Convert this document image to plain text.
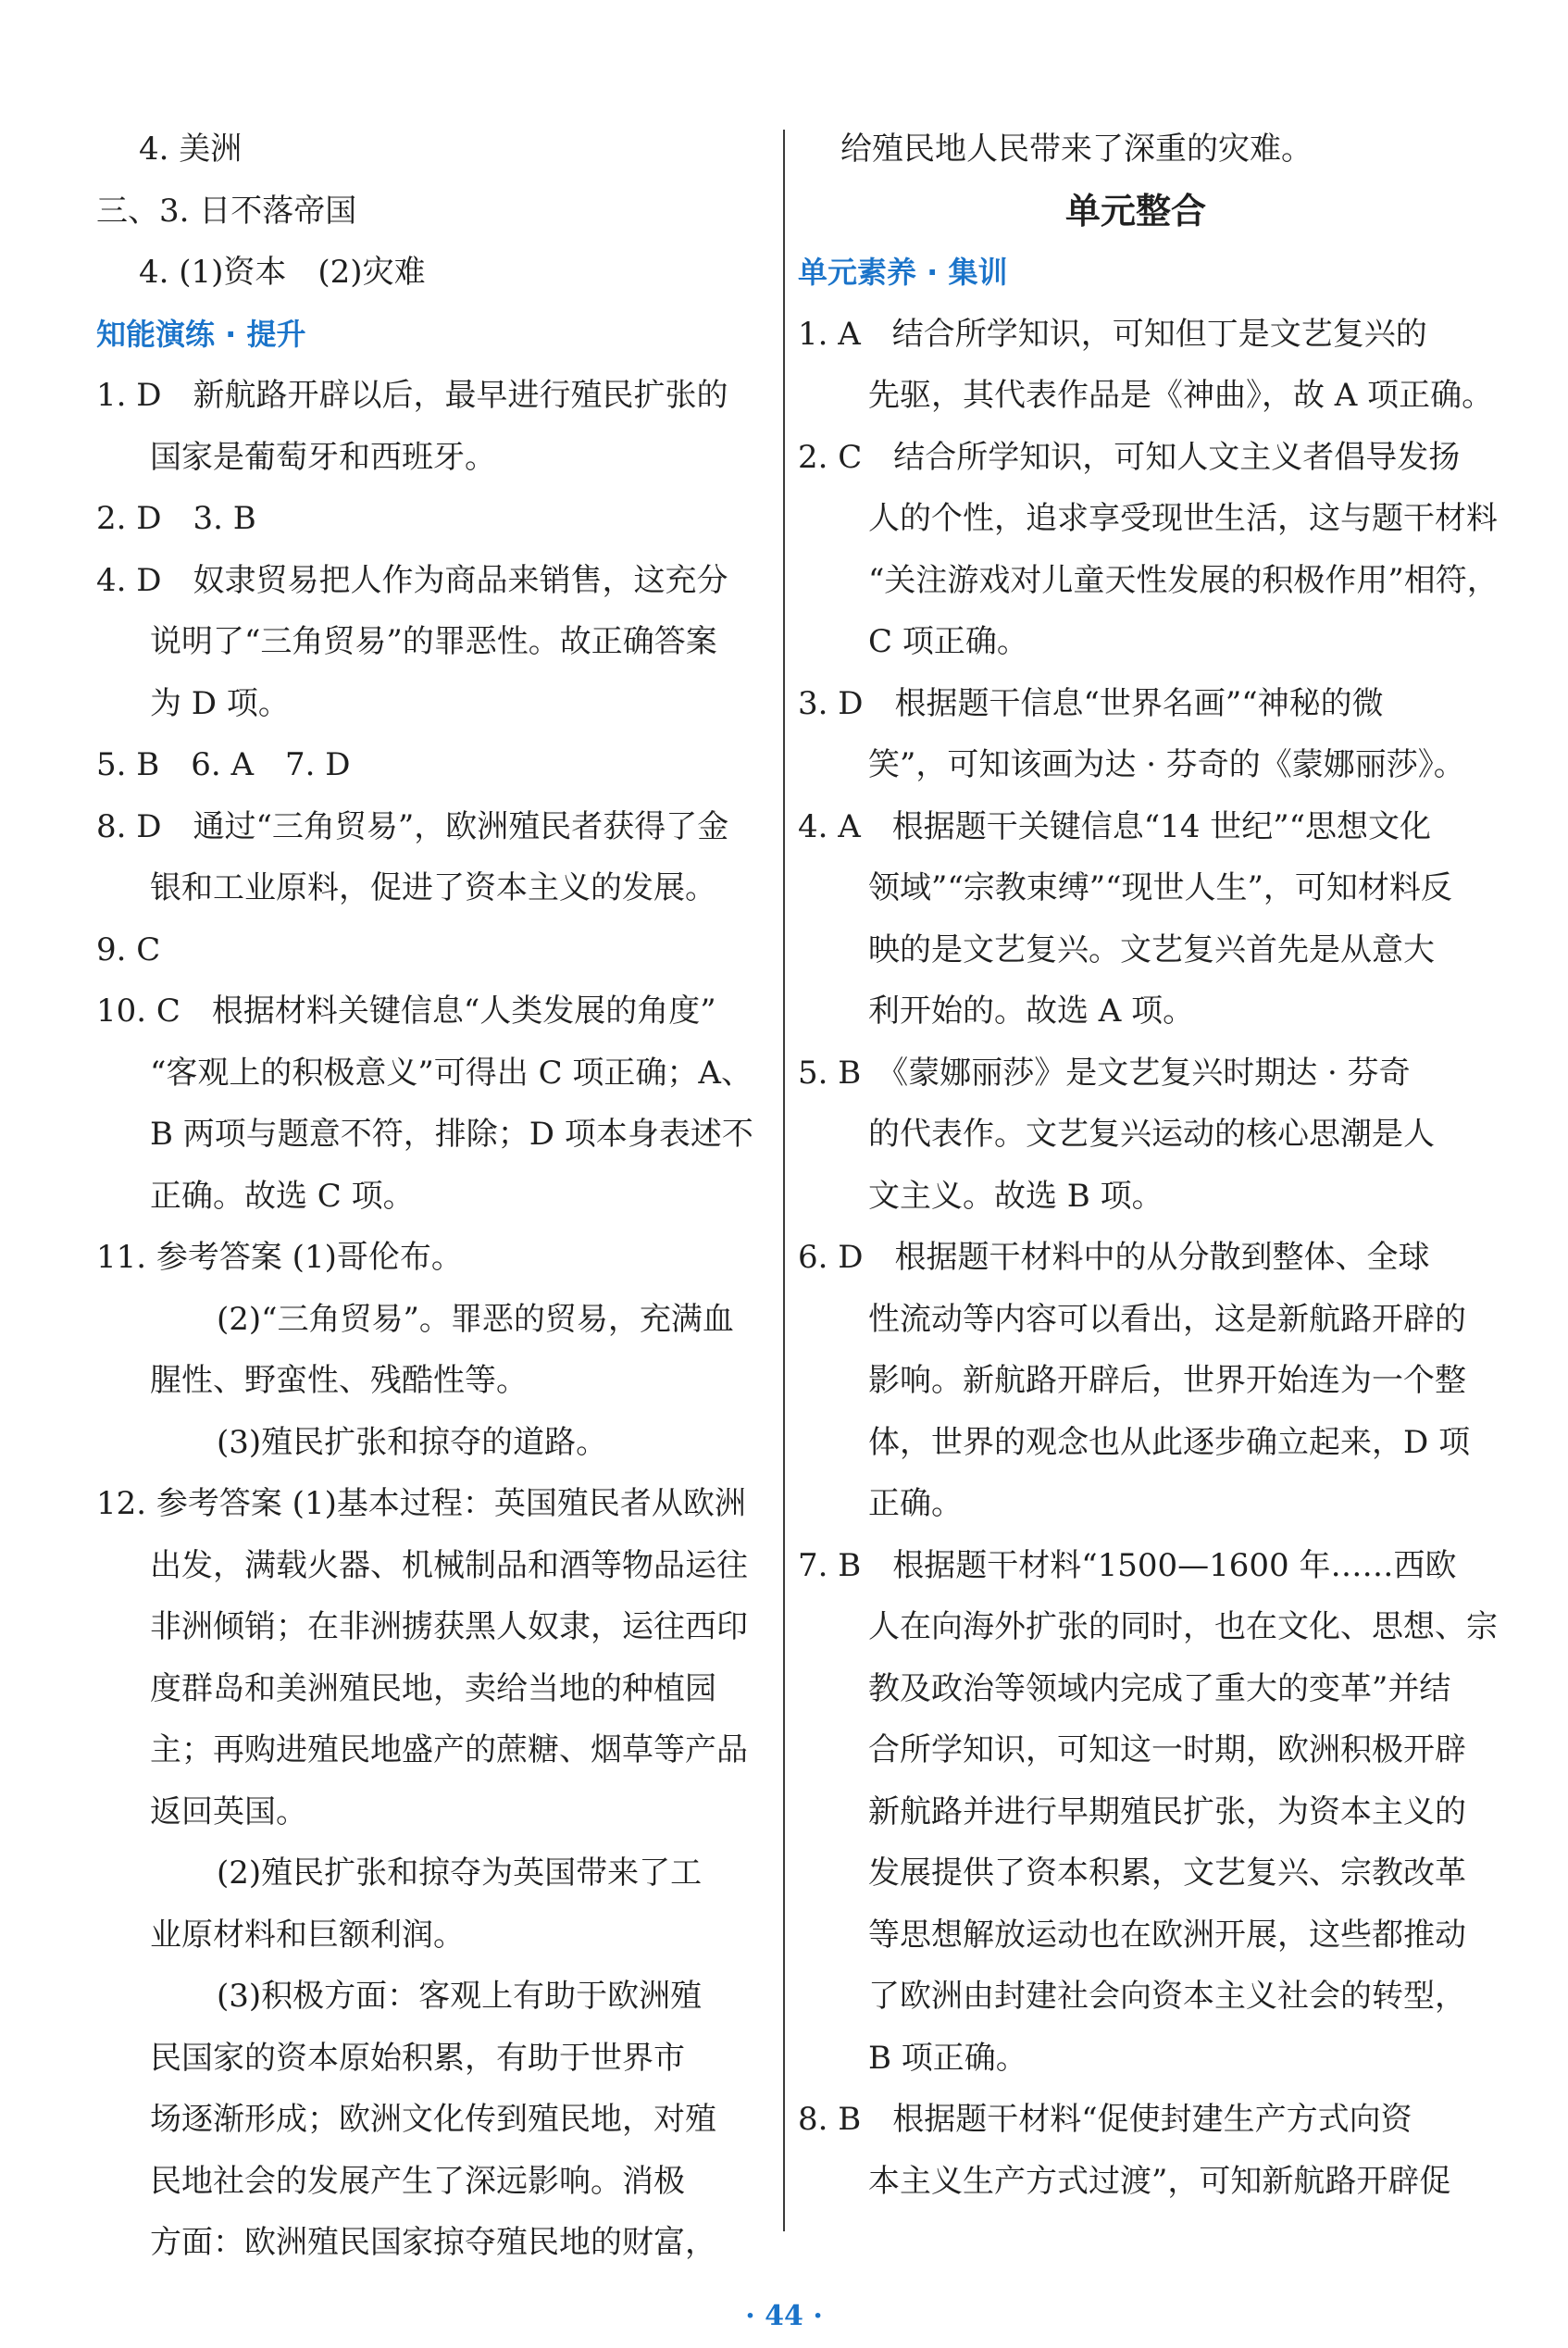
4. 美洲
三、3. 日不落帝国
4. (1)资本　(2)灾难
知能演练 · 提升
1. D　新航路开辟以后，最早进行殖民扩张的
国家是葡萄牙和西班牙。
2. D　3. B
4. D　奴隶贸易把人作为商品来销售，这充分
说明了“三角贸易”的罪恶性。故正确答案
为 D 项。
5. B　6. A　7. D
8. D　通过“三角贸易”，欧洲殖民者获得了金
银和工业原料，促进了资本主义的发展。
9. C
10. C　根据材料关键信息“人类发展的角度”
“客观上的积极意义”可得出 C 项正确；A、
B 两项与题意不符，排除；D 项本身表述不
正确。故选 C 项。
11. 参考答案 (1)哥伦布。
(2)“三角贸易”。罪恶的贸易，充满血
腥性、野蛮性、残酷性等。
(3)殖民扩张和掠夺的道路。
12. 参考答案 (1)基本过程：英国殖民者从欧洲
出发，满载火器、机械制品和酒等物品运往
非洲倾销；在非洲掳获黑人奴隶，运往西印
度群岛和美洲殖民地，卖给当地的种植园
主；再购进殖民地盛产的蔗糖、烟草等产品
返回英国。
(2)殖民扩张和掠夺为英国带来了工
业原材料和巨额利润。
(3)积极方面：客观上有助于欧洲殖
民国家的资本原始积累，有助于世界市
场逐渐形成；欧洲文化传到殖民地，对殖
民地社会的发展产生了深远影响。消极
方面：欧洲殖民国家掠夺殖民地的财富，
给殖民地人民带来了深重的灾难。
单元整合
单元素养 · 集训
1. A　结合所学知识，可知但丁是文艺复兴的
先驱，其代表作品是《神曲》，故 A 项正确。
2. C　结合所学知识，可知人文主义者倡导发扬
人的个性，追求享受现世生活，这与题干材料
“关注游戏对儿童天性发展的积极作用”相符，
C 项正确。
3. D　根据题干信息“世界名画”“神秘的微
笑”，可知该画为达 · 芬奇的《蒙娜丽莎》。
4. A　根据题干关键信息“14 世纪”“思想文化
领域”“宗教束缚”“现世人生”，可知材料反
映的是文艺复兴。文艺复兴首先是从意大
利开始的。故选 A 项。
5. B　《蒙娜丽莎》是文艺复兴时期达 · 芬奇
的代表作。文艺复兴运动的核心思潮是人
文主义。故选 B 项。
6. D　根据题干材料中的从分散到整体、全球
性流动等内容可以看出，这是新航路开辟的
影响。新航路开辟后，世界开始连为一个整
体，世界的观念也从此逐步确立起来，D 项
正确。
7. B　根据题干材料“1500—1600 年……西欧
人在向海外扩张的同时，也在文化、思想、宗
教及政治等领域内完成了重大的变革”并结
合所学知识，可知这一时期，欧洲积极开辟
新航路并进行早期殖民扩张，为资本主义的
发展提供了资本积累，文艺复兴、宗教改革
等思想解放运动也在欧洲开展，这些都推动
了欧洲由封建社会向资本主义社会的转型，
B 项正确。
8. B　根据题干材料“促使封建生产方式向资
本主义生产方式过渡”，可知新航路开辟促
· 44 ·
